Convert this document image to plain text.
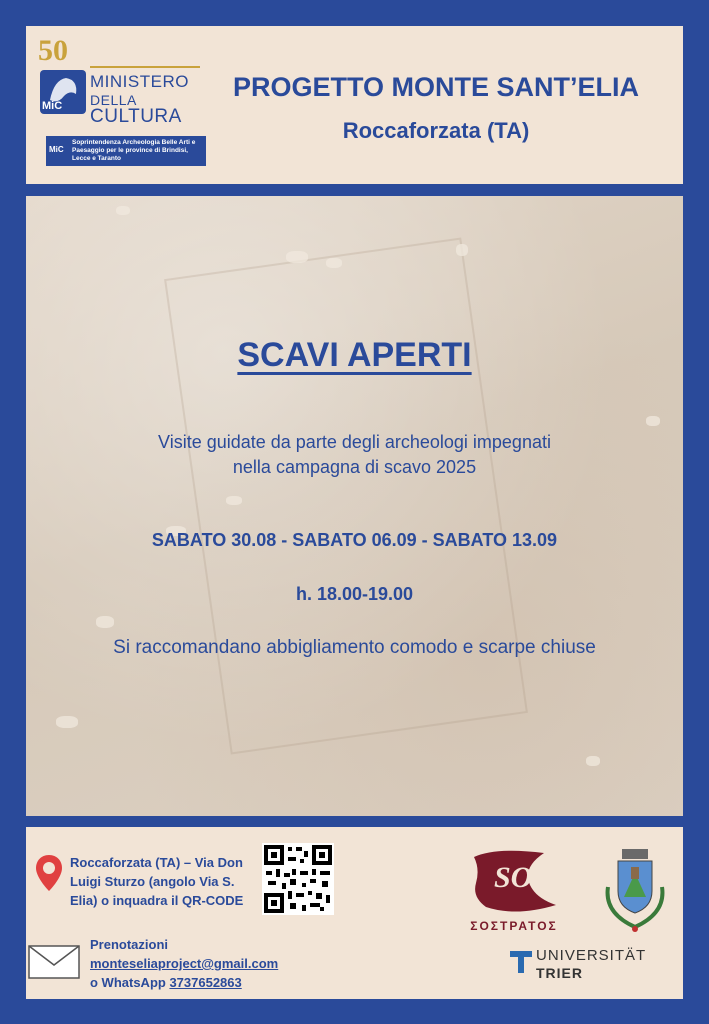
50
MiC
MINISTERO
DELLA
CULTURA
MiC
Soprintendenza Archeologia Belle Arti e Paesaggio per le province di Brindisi, Lecce e Taranto
PROGETTO MONTE SANT’ELIA
Roccaforzata (TA)
SCAVI APERTI
Visite guidate da parte degli archeologi impegnati nella campagna di scavo 2025
SABATO 30.08 - SABATO 06.09 - SABATO 13.09
h. 18.00-19.00
Si raccomandano abbigliamento comodo e scarpe chiuse
Roccaforzata (TA) – Via Don Luigi Sturzo (angolo Via S. Elia) o inquadra il QR-CODE
Prenotazioni
monteseliaproject@gmail.com
o WhatsApp 3737652863
SO
ΣΟΣΤΡΑΤΟΣ
UNIVERSITÄT
TRIER
